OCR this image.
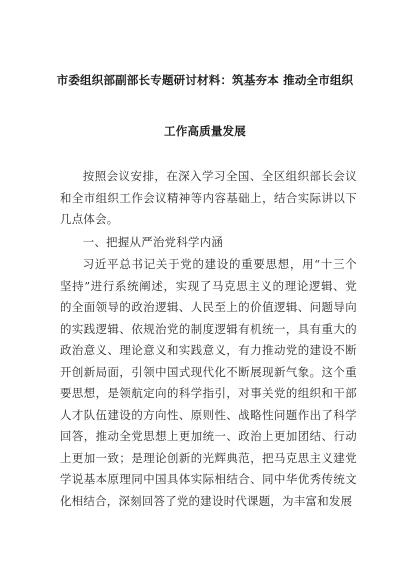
市委组织部副部长专题研讨材料：筑基夯本 推动全市组织
工作高质量发展

按照会议安排，在深入学习全国、全区组织部长会议和全市组织工作会议精神等内容基础上，结合实际讲以下几点体会。

一、把握从严治党科学内涵

习近平总书记关于党的建设的重要思想，用“十三个坚持”进行系统阐述，实现了马克思主义的理论逻辑、党的全面领导的政治逻辑、人民至上的价值逻辑、问题导向的实践逻辑、依规治党的制度逻辑有机统一，具有重大的政治意义、理论意义和实践意义，有力推动党的建设不断开创新局面，引领中国式现代化不断展现新气象。这个重要思想，是领航定向的科学指引，对事关党的组织和干部人才队伍建设的方向性、原则性、战略性问题作出了科学回答，推动全党思想上更加统一、政治上更加团结、行动上更加一致；是理论创新的光辉典范，把马克思主义建党学说基本原理同中国具体实际相结合、同中华优秀传统文化相结合，深刻回答了党的建设时代课题，为丰富和发展
